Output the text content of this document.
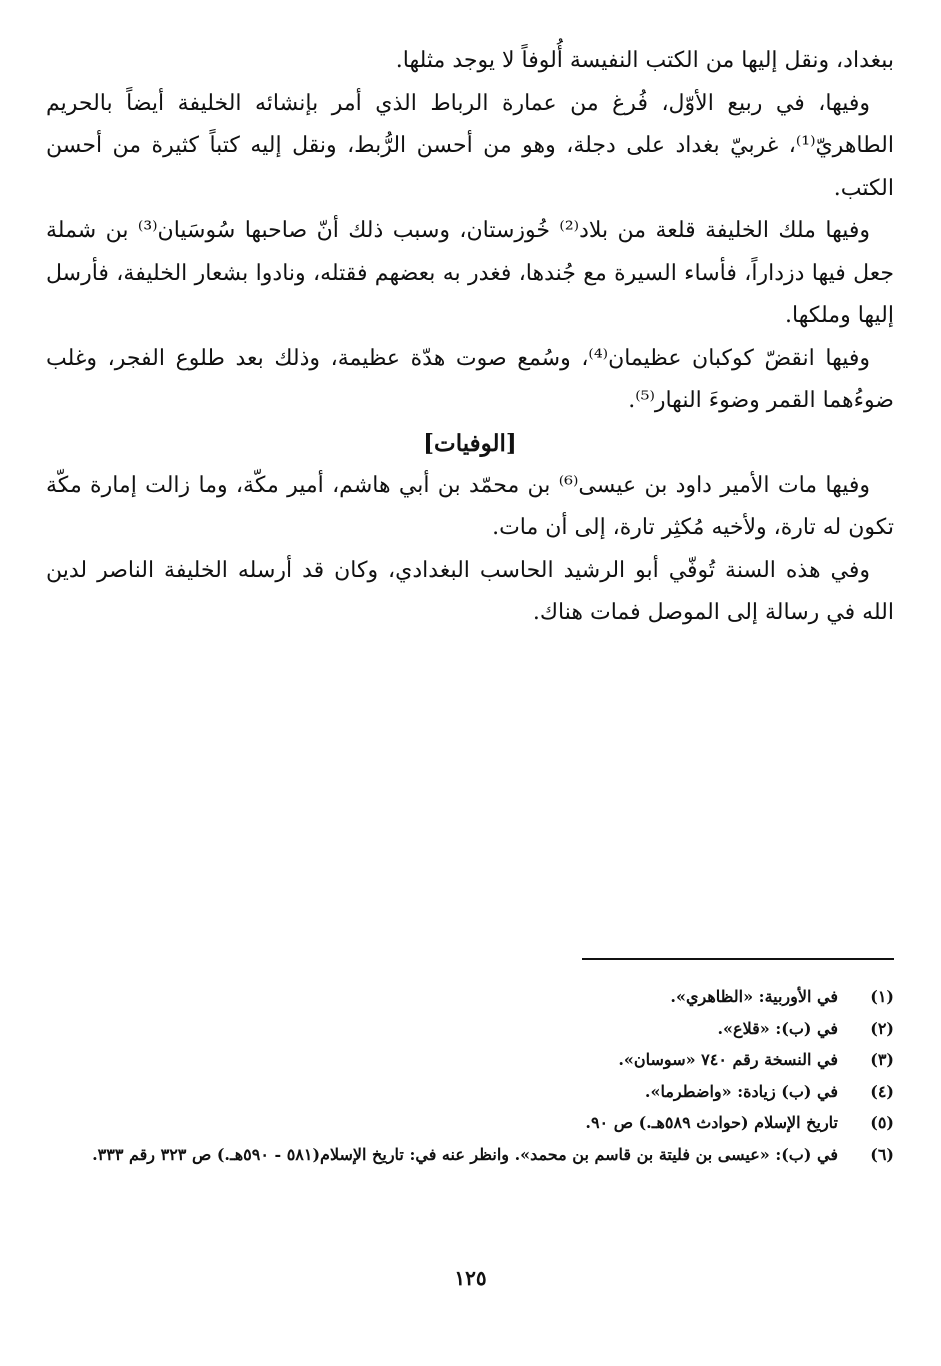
ببغداد، ونقل إليها من الكتب النفيسة أُلوفاً لا يوجد مثلها.

وفيها، في ربيع الأوّل، فُرغ من عمارة الرباط الذي أمر بإنشائه الخليفة أيضاً بالحريم الطاهريّ⁽¹⁾، غربيّ بغداد على دجلة، وهو من أحسن الرُّبط، ونقل إليه كتباً كثيرة من أحسن الكتب.

وفيها ملك الخليفة قلعة من بلاد⁽²⁾ خُوزستان، وسبب ذلك أنّ صاحبها سُوسَيان⁽³⁾ بن شملة جعل فيها دزداراً، فأساء السيرة مع جُندها، فغدر به بعضهم فقتله، ونادوا بشعار الخليفة، فأرسل إليها وملكها.

وفيها انقضّ كوكبان عظيمان⁽⁴⁾، وسُمع صوت هدّة عظيمة، وذلك بعد طلوع الفجر، وغلب ضوءُهما القمر وضوءَ النهار⁽⁵⁾.

[الوفيات]

وفيها مات الأمير داود بن عيسى⁽⁶⁾ بن محمّد بن أبي هاشم، أمير مكّة، وما زالت إمارة مكّة تكون له تارة، ولأخيه مُكثِر تارة، إلى أن مات.

وفي هذه السنة تُوفّي أبو الرشيد الحاسب البغدادي، وكان قد أرسله الخليفة الناصر لدين الله في رسالة إلى الموصل فمات هناك.

(١)
في الأوربية: «الظاهري».
(٢)
في (ب): «قلاع».
(٣)
في النسخة رقم ٧٤٠ «سوسان».
(٤)
في (ب) زيادة: «واضطرما».
(٥)
تاريخ الإسلام (حوادث ٥٨٩هـ.) ص ٩٠.
(٦)
في (ب): «عيسى بن فليتة بن قاسم بن محمد». وانظر عنه في: تاريخ الإسلام(٥٨١ - ٥٩٠هـ.) ص ٣٢٣ رقم ٣٣٣.
١٢٥
